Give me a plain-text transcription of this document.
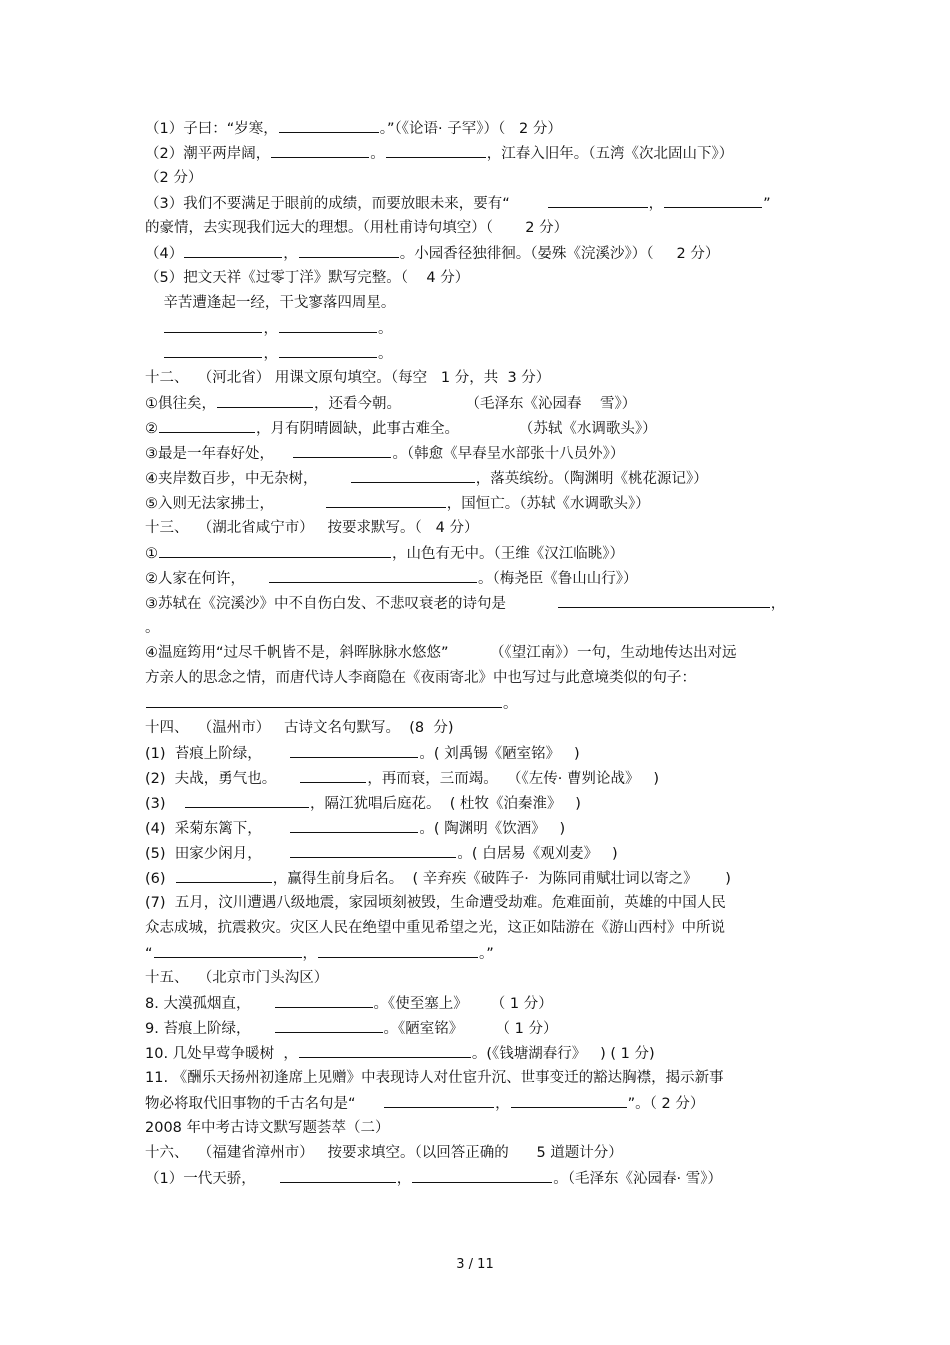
（1）子曰：“岁寒，	。”（《论语· 子罕》）（   2 分）
（2）潮平两岸阔，	。	，江春入旧年。（五湾《次北固山下》）
（2 分）
（3）我们不要满足于眼前的成绩，而要放眼未来，要有“	，	”
的豪情，去实现我们远大的理想。（用杜甫诗句填空）（       2 分）
（4）	，	。小园香径独徘徊。（晏殊《浣溪沙》）（     2 分）
（5）把文天祥《过零丁洋》默写完整。（    4 分）
辛苦遭逢起一经，干戈寥落四周星。
，	。
，	。
十二、  （河北省） 用课文原句填空。（每空   1 分，共  3 分）
①俱往矣，	，还看今朝。              （毛泽东《沁园春    雪》）
②	，月有阴晴圆缺，此事古难全。             （苏轼《水调歌头》）
③最是一年春好处，	。（韩愈《早春呈水部张十八员外》）
④夹岸数百步，中无杂树，	，落英缤纷。（陶渊明《桃花源记》）
⑤入则无法家拂士，	，国恒亡。（苏轼《水调歌头》）
十三、  （湖北省咸宁市）   按要求默写。（   4 分）
①	，山色有无中。（王维《汉江临眺》）
②人家在何许，	。（梅尧臣《鲁山山行》）
③苏轼在《浣溪沙》中不自伤白发、不悲叹衰老的诗句是	，
。
④温庭筠用“过尽千帆皆不是，斜晖脉脉水悠悠”         （《望江南》）一句，生动地传达出对远
方亲人的思念之情，而唐代诗人李商隐在《夜雨寄北》中也写过与此意境类似的句子：
。
十四、  （温州市）   古诗文名句默写。  (8  分)
(1)  苔痕上阶绿，	。( 刘禹锡《陋室铭》   )
(2)  夫战，勇气也。	，再而衰，三而竭。  （《左传· 曹刿论战》   )
(3)	，隔江犹唱后庭花。  ( 杜牧《泊秦淮》   )
(4)  采菊东篱下，	。( 陶渊明《饮酒》   )
(5)  田家少闲月，	。( 白居易《观刈麦》   )
(6)	，赢得生前身后名。  ( 辛弃疾《破阵子·  为陈同甫赋壮词以寄之》      )
(7)  五月，汶川遭遇八级地震，家园顷刻被毁，生命遭受劫难。危难面前，英雄的中国人民
众志成城，抗震救灾。灾区人民在绝望中重见希望之光，这正如陆游在《游山西村》中所说
“	，	。”
十五、  （北京市门头沟区）
8. 大漠孤烟直，	。《使至塞上》     （ 1 分）
9. 苔痕上阶绿，	。《陋室铭》       （ 1 分）
10. 几处早莺争暖树  ，	。(《钱塘湖春行》   ) ( 1 分)
11. 《酬乐天扬州初逢席上见赠》中表现诗人对仕宦升沉、世事变迁的豁达胸襟，揭示新事
物必将取代旧事物的千古名句是“	，	”。（ 2 分）
2008 年中考古诗文默写题荟萃（二）
十六、  （福建省漳州市）   按要求填空。（以回答正确的      5 道题计分）
（1）一代天骄，	，	。（毛泽东《沁园春· 雪》）
3 / 11
